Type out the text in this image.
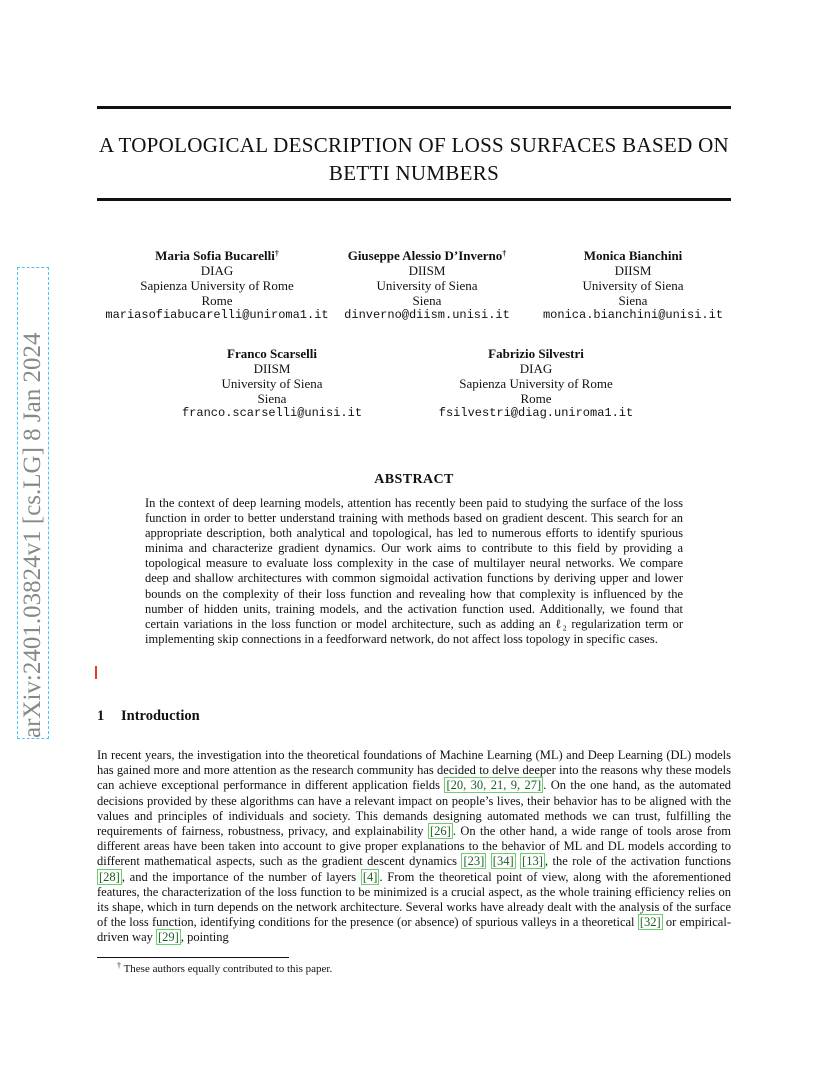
arXiv:2401.03824v1 [cs.LG] 8 Jan 2024
A TOPOLOGICAL DESCRIPTION OF LOSS SURFACES BASED ON
BETTI NUMBERS
Maria Sofia Bucarelli†
DIAG
Sapienza University of Rome
Rome
mariasofiabucarelli@uniroma1.it
Giuseppe Alessio D’Inverno†
DIISM
University of Siena
Siena
dinverno@diism.unisi.it
Monica Bianchini
DIISM
University of Siena
Siena
monica.bianchini@unisi.it
Franco Scarselli
DIISM
University of Siena
Siena
franco.scarselli@unisi.it
Fabrizio Silvestri
DIAG
Sapienza University of Rome
Rome
fsilvestri@diag.uniroma1.it
ABSTRACT
In the context of deep learning models, attention has recently been paid to studying the surface of the loss function in order to better understand training with methods based on gradient descent. This search for an appropriate description, both analytical and topological, has led to numerous efforts to identify spurious minima and characterize gradient dynamics. Our work aims to contribute to this field by providing a topological measure to evaluate loss complexity in the case of multilayer neural networks. We compare deep and shallow architectures with common sigmoidal activation functions by deriving upper and lower bounds on the complexity of their loss function and revealing how that complexity is influenced by the number of hidden units, training models, and the activation function used. Additionally, we found that certain variations in the loss function or model architecture, such as adding an ℓ₂ regularization term or implementing skip connections in a feedforward network, do not affect loss topology in specific cases.
1 Introduction
In recent years, the investigation into the theoretical foundations of Machine Learning (ML) and Deep Learning (DL) models has gained more and more attention as the research community has decided to delve deeper into the reasons why these models can achieve exceptional performance in different application fields [20, 30, 21, 9, 27] . On the one hand, as the automated decisions provided by these algorithms can have a relevant impact on people’s lives, their behavior has to be aligned with the values and principles of individuals and society. This demands designing automated methods we can trust, fulfilling the requirements of fairness, robustness, privacy, and explainability [26] . On the other hand, a wide range of tools arose from different areas have been taken into account to give proper explanations to the behavior of ML and DL models according to different mathematical aspects, such as the gradient descent dynamics [23] [34] [13] , the role of the activation functions [28] , and the importance of the number of layers [4] . From the theoretical point of view, along with the aforementioned features, the characterization of the loss function to be minimized is a crucial aspect, as the whole training efficiency relies on its shape, which in turn depends on the network architecture. Several works have already dealt with the analysis of the surface of the loss function, identifying conditions for the presence (or absence) of spurious valleys in a theoretical [32] or empirical-driven way [29] , pointing
† These authors equally contributed to this paper.
